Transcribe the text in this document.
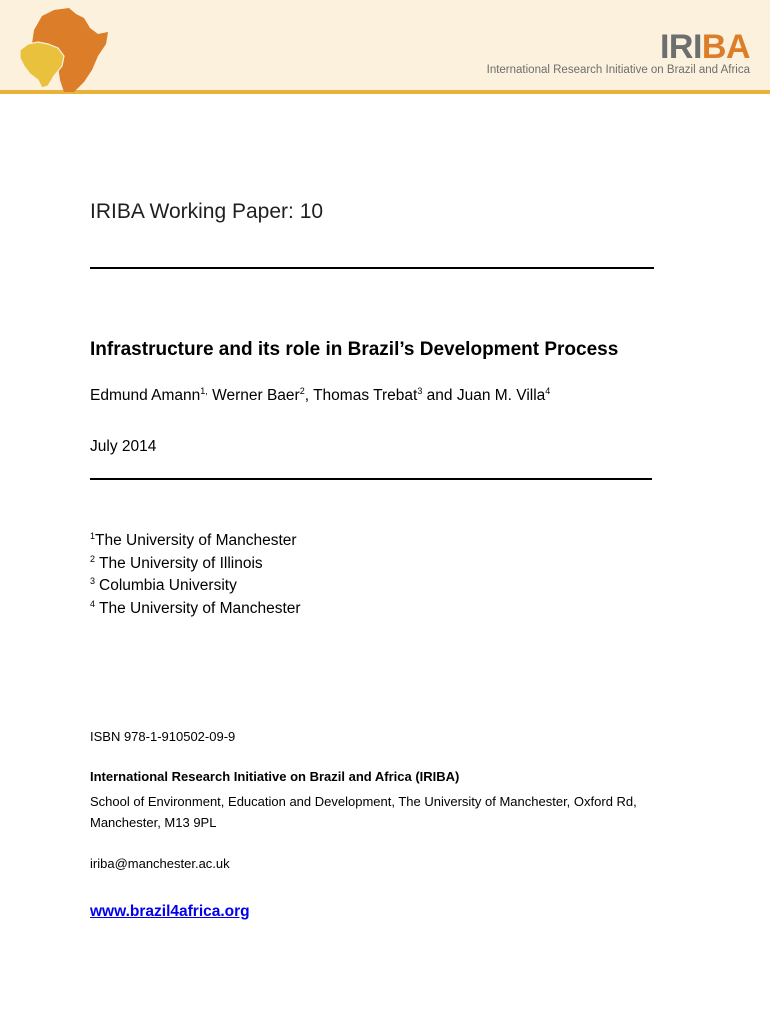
IRIBA
International Research Initiative on Brazil and Africa
IRIBA Working Paper: 10
Infrastructure and its role in Brazil’s Development Process
Edmund Amann$^{1,}$ Werner Baer$^2$, Thomas Trebat$^3$ and Juan M. Villa$^4$
July 2014
$^1$The University of Manchester
$^2$ The University of Illinois
$^3$ Columbia University
$^4$ The University of Manchester
ISBN 978-1-910502-09-9
International Research Initiative on Brazil and Africa (IRIBA)
School of Environment, Education and Development, The University of Manchester, Oxford Rd, Manchester, M13 9PL
iriba@manchester.ac.uk
www.brazil4africa.org
